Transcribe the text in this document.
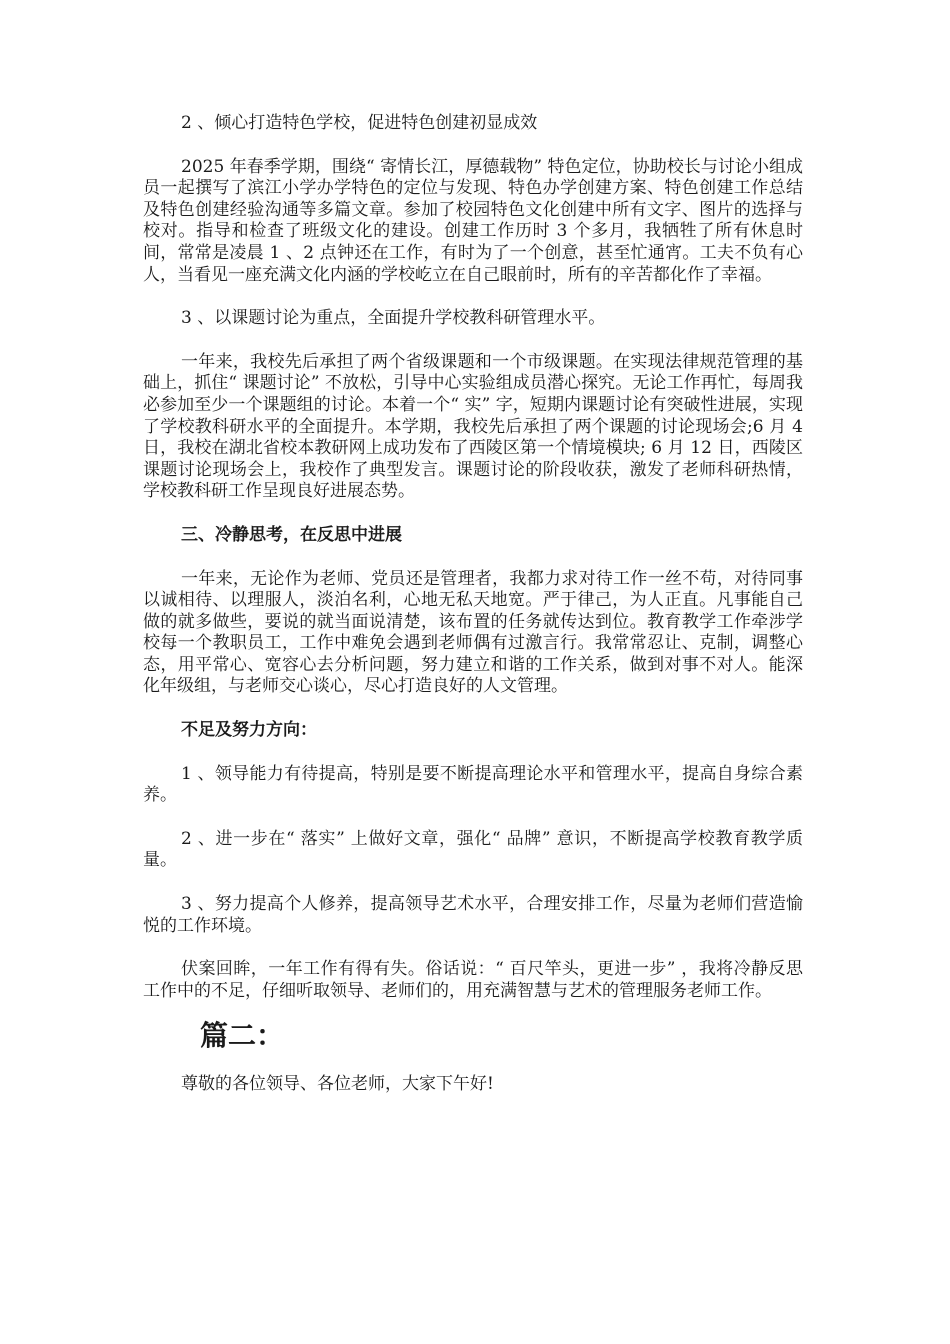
2 、倾心打造特色学校，促进特色创建初显成效

2025 年春季学期，围绕“ 寄情长江，厚德载物” 特色定位，协助校长与讨论小组成员一起撰写了滨江小学办学特色的定位与发现、特色办学创建方案、特色创建工作总结及特色创建经验沟通等多篇文章。参加了校园特色文化创建中所有文字、图片的选择与校对。指导和检查了班级文化的建设。创建工作历时 3 个多月，我牺牲了所有休息时间，常常是凌晨 1 、2 点钟还在工作，有时为了一个创意，甚至忙通宵。工夫不负有心人，当看见一座充满文化内涵的学校屹立在自己眼前时，所有的辛苦都化作了幸福。

3 、以课题讨论为重点，全面提升学校教科研管理水平。

一年来，我校先后承担了两个省级课题和一个市级课题。在实现法律规范管理的基础上，抓住“ 课题讨论” 不放松，引导中心实验组成员潜心探究。无论工作再忙，每周我必参加至少一个课题组的讨论。本着一个“ 实” 字，短期内课题讨论有突破性进展，实现了学校教科研水平的全面提升。本学期，我校先后承担了两个课题的讨论现场会;6 月 4 日，我校在湖北省校本教研网上成功发布了西陵区第一个情境模块; 6 月 12 日，西陵区课题讨论现场会上，我校作了典型发言。课题讨论的阶段收获，激发了老师科研热情，学校教科研工作呈现良好进展态势。

三、冷静思考，在反思中进展

一年来，无论作为老师、党员还是管理者，我都力求对待工作一丝不苟，对待同事以诚相待、以理服人，淡泊名利，心地无私天地宽。严于律己，为人正直。凡事能自己做的就多做些，要说的就当面说清楚，该布置的任务就传达到位。教育教学工作牵涉学校每一个教职员工，工作中难免会遇到老师偶有过激言行。我常常忍让、克制，调整心态，用平常心、宽容心去分析问题，努力建立和谐的工作关系，做到对事不对人。能深化年级组，与老师交心谈心，尽心打造良好的人文管理。

不足及努力方向：

1 、领导能力有待提高，特别是要不断提高理论水平和管理水平，提高自身综合素养。

2 、进一步在“ 落实” 上做好文章，强化“ 品牌” 意识，不断提高学校教育教学质量。

3 、努力提高个人修养，提高领导艺术水平，合理安排工作，尽量为老师们营造愉悦的工作环境。

伏案回眸，一年工作有得有失。俗话说：“ 百尺竿头，更进一步” ，我将冷静反思工作中的不足，仔细听取领导、老师们的，用充满智慧与艺术的管理服务老师工作。

篇二：

尊敬的各位领导、各位老师，大家下午好!
